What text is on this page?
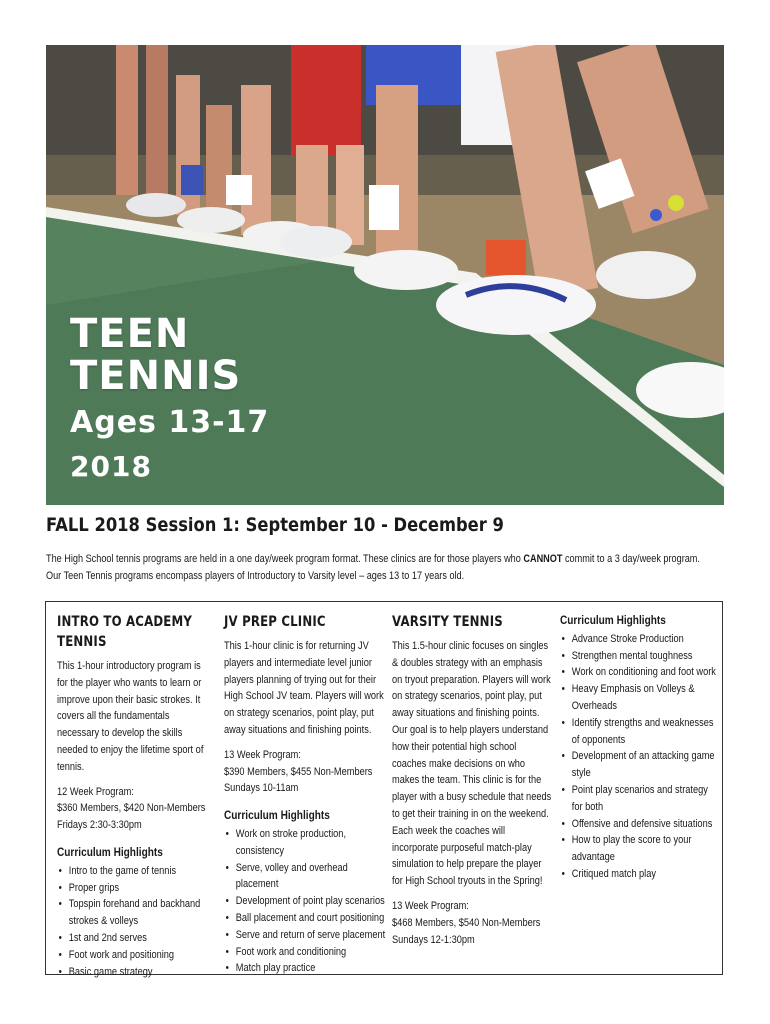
TEEN
TENNIS
Ages 13-17
2018
FALL 2018 Session 1: September 10 - December 9
The High School tennis programs are held in a one day/week program format. These clinics are for those players who CANNOT commit to a 3 day/week program.
Our Teen Tennis programs encompass players of Introductory to Varsity level – ages 13 to 17 years old.
INTRO TO ACADEMY TENNIS
This 1-hour introductory program is for the player who wants to learn or improve upon their basic strokes. It covers all the fundamentals necessary to develop the skills needed to enjoy the lifetime sport of tennis.
12 Week Program:
$360 Members, $420 Non-Members
Fridays 2:30-3:30pm
Curriculum Highlights
• Intro to the game of tennis
• Proper grips
• Topspin forehand and backhand strokes & volleys
• 1st and 2nd serves
• Foot work and positioning
• Basic game strategy
JV PREP CLINIC
This 1-hour clinic is for returning JV players and intermediate level junior players planning of trying out for their High School JV team. Players will work on strategy scenarios, point play, put away situations and finishing points.
13 Week Program:
$390 Members, $455 Non-Members
Sundays 10-11am
Curriculum Highlights
• Work on stroke production, consistency
• Serve, volley and overhead placement
• Development of point play scenarios
• Ball placement and court positioning
• Serve and return of serve placement
• Foot work and conditioning
• Match play practice
VARSITY TENNIS
This 1.5-hour clinic focuses on singles & doubles strategy with an emphasis on tryout preparation. Players will work on strategy scenarios, point play, put away situations and finishing points. Our goal is to help players understand how their potential high school coaches make decisions on who makes the team. This clinic is for the player with a busy schedule that needs to get their training in on the weekend. Each week the coaches will incorporate purposeful match-play simulation to help prepare the player for High School tryouts in the Spring!
13 Week Program:
$468 Members, $540 Non-Members
Sundays 12-1:30pm
Curriculum Highlights
• Advance Stroke Production
• Strengthen mental toughness
• Work on conditioning and foot work
• Heavy Emphasis on Volleys & Overheads
• Identify strengths and weaknesses of opponents
• Development of an attacking game style
• Point play scenarios and strategy for both
• Offensive and defensive situations
• How to play the score to your advantage
• Critiqued match play
